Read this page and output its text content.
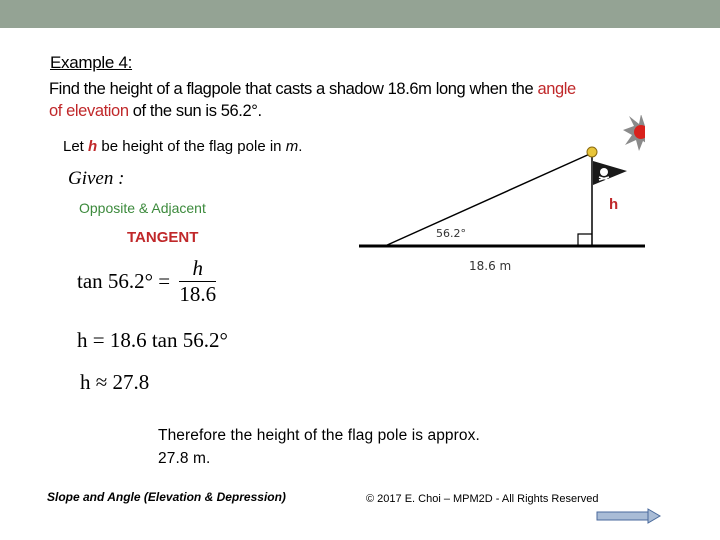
Example 4:
Find the height of a flagpole that casts a shadow 18.6m long when the angle
of elevation of the sun is 56.2°.
Let h be height of the flag pole in m.
Given :
Opposite & Adjacent
TANGENT
$\tan 56.2^\circ = \frac{h}{18.6}$
h = 18.6 tan 56.2°
h ≈ 27.8
56.2°
18.6 m
h
Therefore the height of the flag pole is approx. 27.8 m.
Slope and Angle (Elevation & Depression)	© 2017 E. Choi – MPM2D - All Rights Reserved
